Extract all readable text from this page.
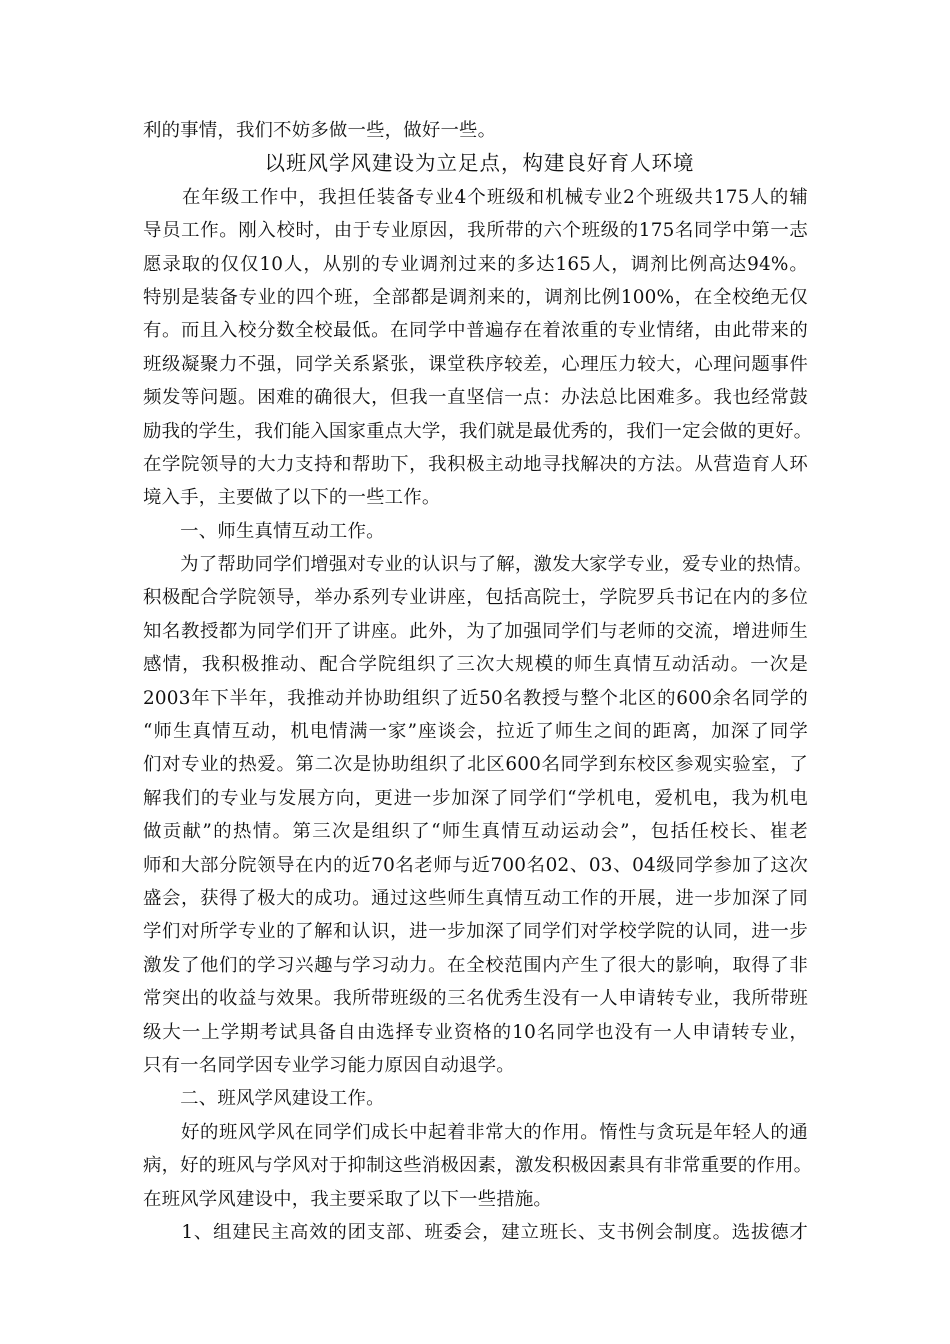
利的事情，我们不妨多做一些，做好一些。
以班风学风建设为立足点，构建良好育人环境
　　在年级工作中，我担任装备专业4个班级和机械专业2个班级共175人的辅
导员工作。刚入校时，由于专业原因，我所带的六个班级的175名同学中第一志
愿录取的仅仅10人，从别的专业调剂过来的多达165人，调剂比例高达94%。
特别是装备专业的四个班，全部都是调剂来的，调剂比例100%，在全校绝无仅
有。而且入校分数全校最低。在同学中普遍存在着浓重的专业情绪，由此带来的
班级凝聚力不强，同学关系紧张，课堂秩序较差，心理压力较大，心理问题事件
频发等问题。困难的确很大，但我一直坚信一点：办法总比困难多。我也经常鼓
励我的学生，我们能入国家重点大学，我们就是最优秀的，我们一定会做的更好。
在学院领导的大力支持和帮助下，我积极主动地寻找解决的方法。从营造育人环
境入手，主要做了以下的一些工作。
　　一、师生真情互动工作。
　　为了帮助同学们增强对专业的认识与了解，激发大家学专业，爱专业的热情。
积极配合学院领导，举办系列专业讲座，包括高院士，学院罗兵书记在内的多位
知名教授都为同学们开了讲座。此外，为了加强同学们与老师的交流，增进师生
感情，我积极推动、配合学院组织了三次大规模的师生真情互动活动。一次是
2003年下半年，我推动并协助组织了近50名教授与整个北区的600余名同学的
“师生真情互动，机电情满一家”座谈会，拉近了师生之间的距离，加深了同学
们对专业的热爱。第二次是协助组织了北区600名同学到东校区参观实验室，了
解我们的专业与发展方向，更进一步加深了同学们“学机电，爱机电，我为机电
做贡献”的热情。第三次是组织了“师生真情互动运动会”，包括任校长、崔老
师和大部分院领导在内的近70名老师与近700名02、03、04级同学参加了这次
盛会，获得了极大的成功。通过这些师生真情互动工作的开展，进一步加深了同
学们对所学专业的了解和认识，进一步加深了同学们对学校学院的认同，进一步
激发了他们的学习兴趣与学习动力。在全校范围内产生了很大的影响，取得了非
常突出的收益与效果。我所带班级的三名优秀生没有一人申请转专业，我所带班
级大一上学期考试具备自由选择专业资格的10名同学也没有一人申请转专业，
只有一名同学因专业学习能力原因自动退学。
　　二、班风学风建设工作。
　　好的班风学风在同学们成长中起着非常大的作用。惰性与贪玩是年轻人的通
病，好的班风与学风对于抑制这些消极因素，激发积极因素具有非常重要的作用。
在班风学风建设中，我主要采取了以下一些措施。
　　1、组建民主高效的团支部、班委会，建立班长、支书例会制度。选拔德才
